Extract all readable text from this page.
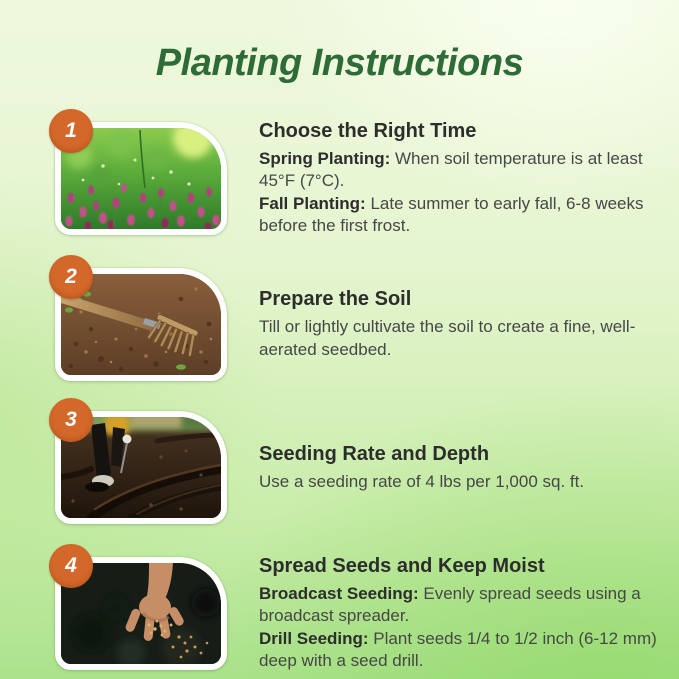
Planting Instructions
1	Choose the Right Time

Spring Planting: When soil temperature is at least 45°F (7°C).

Fall Planting: Late summer to early fall, 6-8 weeks before the first frost.

2

Prepare the Soil

Till or lightly cultivate the soil to create a fine, well-aerated seedbed.

3

Seeding Rate and Depth

Use a seeding rate of 4 lbs per 1,000 sq. ft.

4	Spread Seeds and Keep Moist

Broadcast Seeding: Evenly spread seeds using a broadcast spreader.

Drill Seeding: Plant seeds 1/4 to 1/2 inch (6-12 mm) deep with a seed drill.
